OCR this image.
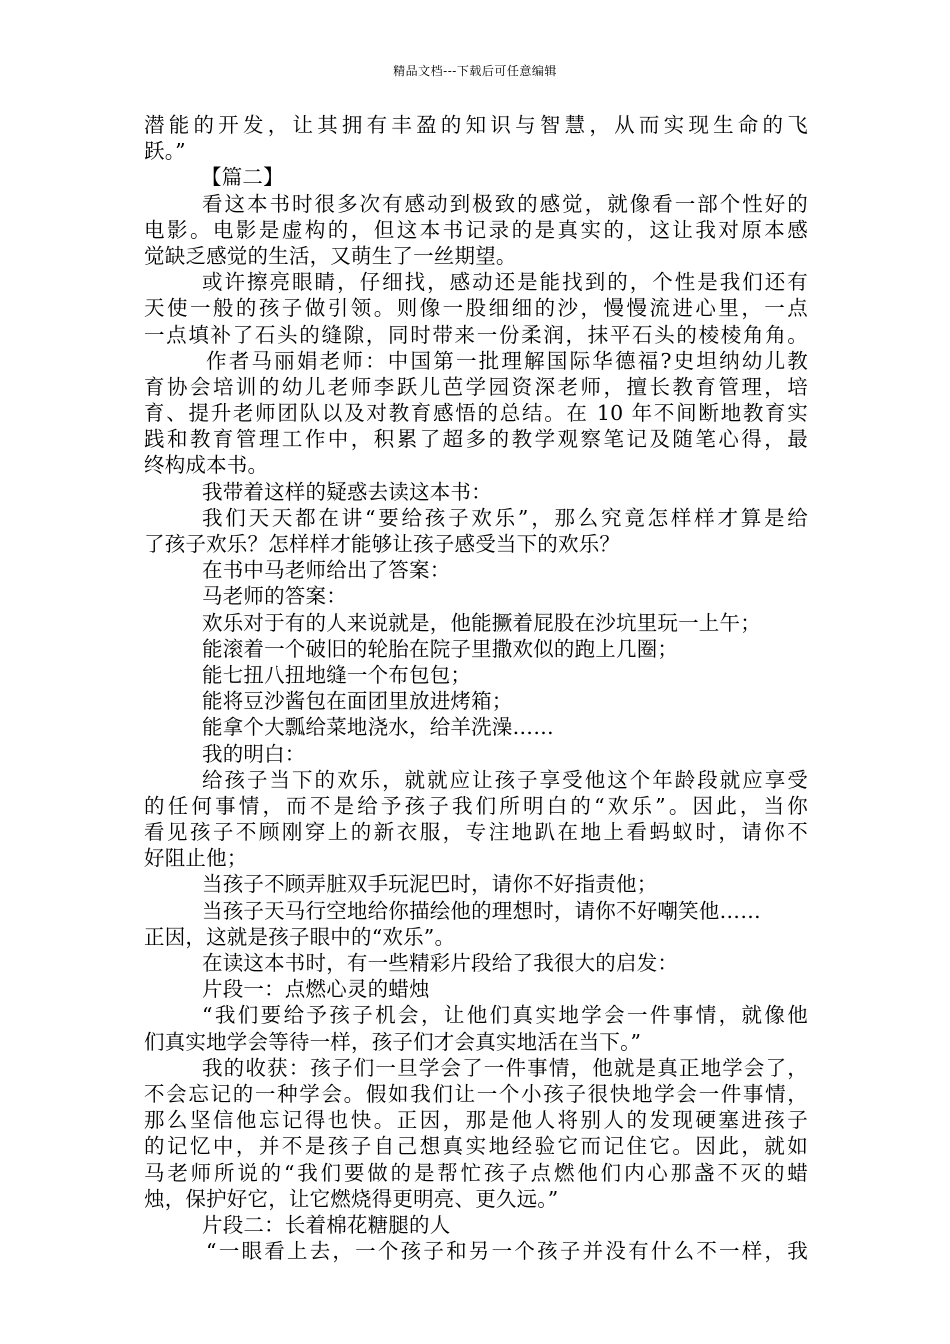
精品文档---下载后可任意编辑
潜能的开发，让其拥有丰盈的知识与智慧，从而实现生命的飞
跃。”
【篇二】
看这本书时很多次有感动到极致的感觉，就像看一部个性好的
电影。电影是虚构的，但这本书记录的是真实的，这让我对原本感
觉缺乏感觉的生活，又萌生了一丝期望。
或许擦亮眼睛，仔细找，感动还是能找到的，个性是我们还有
天使一般的孩子做引领。则像一股细细的沙，慢慢流进心里，一点
一点填补了石头的缝隙，同时带来一份柔润，抹平石头的棱棱角角。
作者马丽娟老师：中国第一批理解国际华德福?史坦纳幼儿教
育协会培训的幼儿老师李跃儿芭学园资深老师，擅长教育管理，培
育、提升老师团队以及对教育感悟的总结。在 10 年不间断地教育实
践和教育管理工作中，积累了超多的教学观察笔记及随笔心得，最
终构成本书。
我带着这样的疑惑去读这本书：
我们天天都在讲“要给孩子欢乐”，那么究竟怎样样才算是给
了孩子欢乐？怎样样才能够让孩子感受当下的欢乐？
在书中马老师给出了答案：
马老师的答案：
欢乐对于有的人来说就是，他能撅着屁股在沙坑里玩一上午；
能滚着一个破旧的轮胎在院子里撒欢似的跑上几圈；
能七扭八扭地缝一个布包包；
能将豆沙酱包在面团里放进烤箱；
能拿个大瓢给菜地浇水，给羊洗澡……
我的明白：
给孩子当下的欢乐，就就应让孩子享受他这个年龄段就应享受
的任何事情，而不是给予孩子我们所明白的“欢乐”。因此，当你
看见孩子不顾刚穿上的新衣服，专注地趴在地上看蚂蚁时，请你不
好阻止他；
当孩子不顾弄脏双手玩泥巴时，请你不好指责他；
当孩子天马行空地给你描绘他的理想时，请你不好嘲笑他……
正因，这就是孩子眼中的“欢乐”。
在读这本书时，有一些精彩片段给了我很大的启发：
片段一：点燃心灵的蜡烛
“我们要给予孩子机会，让他们真实地学会一件事情，就像他
们真实地学会等待一样，孩子们才会真实地活在当下。”
我的收获：孩子们一旦学会了一件事情，他就是真正地学会了，
不会忘记的一种学会。假如我们让一个小孩子很快地学会一件事情，
那么坚信他忘记得也快。正因，那是他人将别人的发现硬塞进孩子
的记忆中，并不是孩子自己想真实地经验它而记住它。因此，就如
马老师所说的“我们要做的是帮忙孩子点燃他们内心那盏不灭的蜡
烛，保护好它，让它燃烧得更明亮、更久远。”
片段二：长着棉花糖腿的人
“一眼看上去，一个孩子和另一个孩子并没有什么不一样，我
